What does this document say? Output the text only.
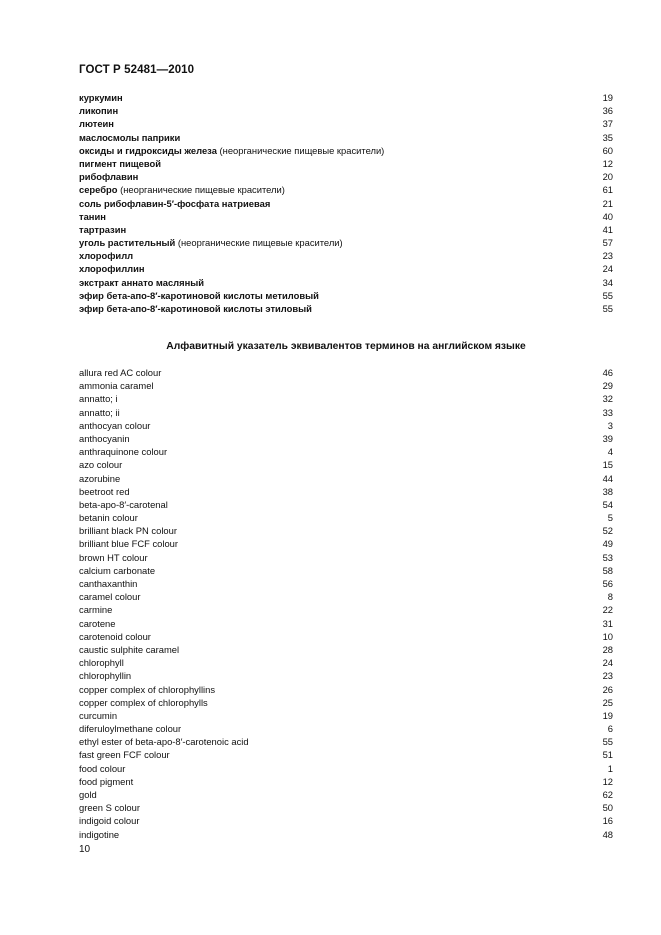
ГОСТ Р 52481—2010
куркумин	19
ликопин	36
лютеин	37
маслосмолы паприки	35
оксиды и гидроксиды железа (неорганические пищевые красители)	60
пигмент пищевой	12
рибофлавин	20
серебро (неорганические пищевые красители)	61
соль рибофлавин-5′-фосфата натриевая	21
танин	40
тартразин	41
уголь растительный (неорганические пищевые красители)	57
хлорофилл	23
хлорофиллин	24
экстракт аннато масляный	34
эфир бета-апо-8′-каротиновой кислоты метиловый	55
эфир бета-апо-8′-каротиновой кислоты этиловый	55
Алфавитный указатель эквивалентов терминов на английском языке
allura red AC colour	46
ammonia caramel	29
annatto; i	32
annatto; ii	33
anthocyan colour	3
anthocyanin	39
anthraquinone colour	4
azo colour	15
azorubine	44
beetroot red	38
beta-apo-8′-carotenal	54
betanin colour	5
brilliant black PN colour	52
brilliant blue FCF colour	49
brown HT colour	53
calcium carbonate	58
canthaxanthin	56
caramel colour	8
carmine	22
carotene	31
carotenoid colour	10
caustic sulphite caramel	28
chlorophyll	24
chlorophyllin	23
copper complex of chlorophyllins	26
copper complex of chlorophylls	25
curcumin	19
diferuloylmethane colour	6
ethyl ester of beta-apo-8′-carotenoic acid	55
fast green FCF colour	51
food colour	1
food pigment	12
gold	62
green S colour	50
indigoid colour	16
indigotine	48
10
